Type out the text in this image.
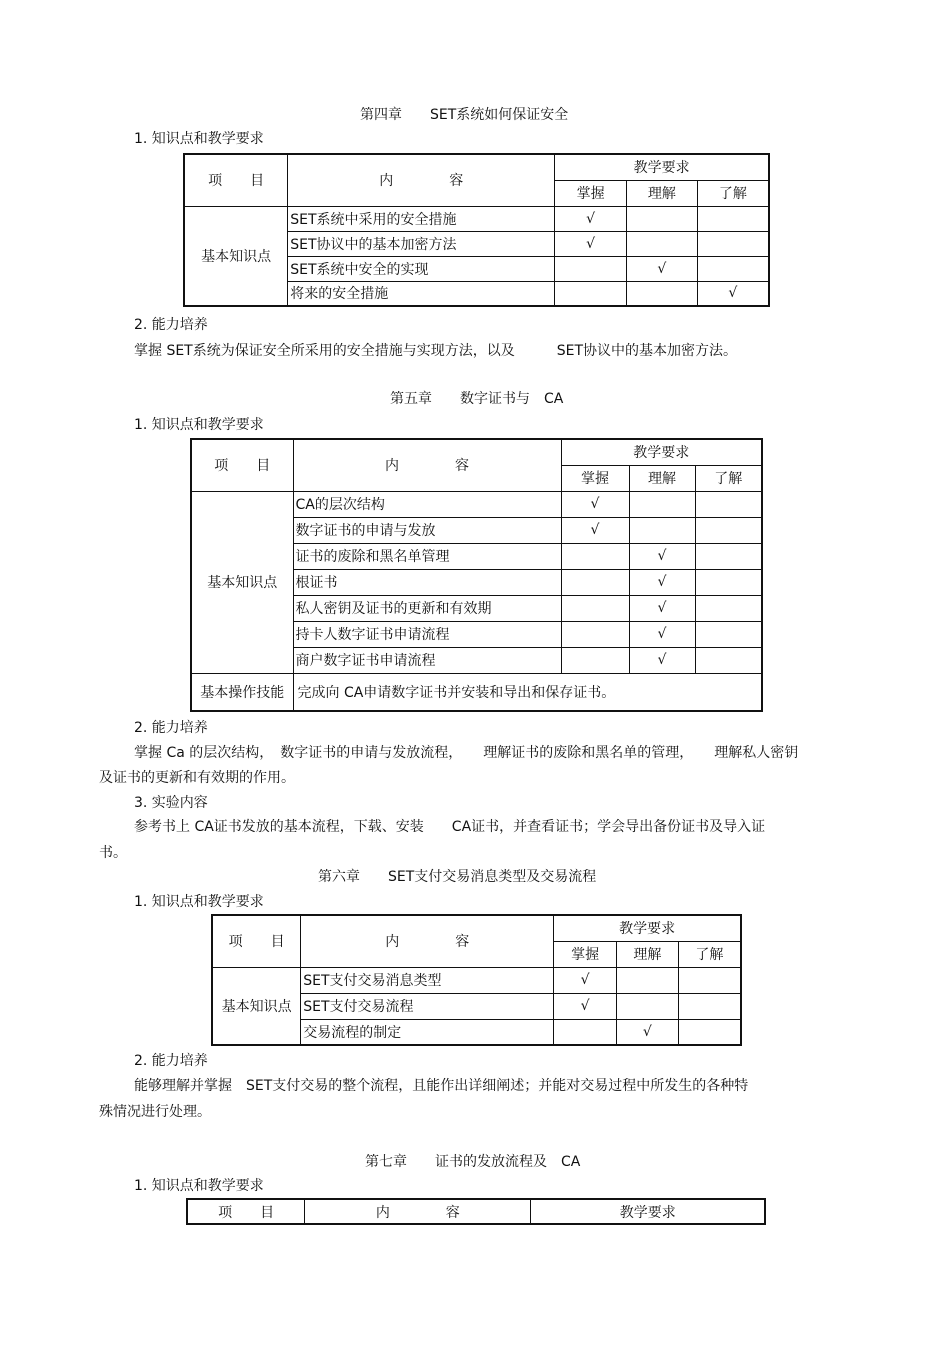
第四章　　SET系统如何保证安全
1. 知识点和教学要求
项　　目	内　　　　容	教学要求		
		掌握	理解	了解
基本知识点	SET系统中采用的安全措施	√		
	SET协议中的基本加密方法	√		
	SET系统中安全的实现		√	
	将来的安全措施			√
2. 能力培养
掌握 SET系统为保证安全所采用的安全措施与实现方法，以及　　　SET协议中的基本加密方法。
第五章　　数字证书与　CA
1. 知识点和教学要求
项　　目	内　　　　容	教学要求		
		掌握	理解	了解
基本知识点	CA的层次结构	√		
	数字证书的申请与发放	√		
	证书的废除和黑名单管理		√	
	根证书		√	
	私人密钥及证书的更新和有效期		√	
	持卡人数字证书申请流程		√	
	商户数字证书申请流程		√	
基本操作技能	完成向 CA申请数字证书并安装和导出和保存证书。			
2. 能力培养
掌握 Ca 的层次结构，　数字证书的申请与发放流程，　　理解证书的废除和黑名单的管理，　　理解私人密钥
及证书的更新和有效期的作用。
3. 实验内容
参考书上 CA证书发放的基本流程，下载、安装　　CA证书，并查看证书；学会导出备份证书及导入证
书。
第六章　　SET支付交易消息类型及交易流程
1. 知识点和教学要求
项　　目	内　　　　容	教学要求		
		掌握	理解	了解
基本知识点	SET支付交易消息类型	√		
	SET支付交易流程	√		
	交易流程的制定		√	
2. 能力培养
能够理解并掌握　SET支付交易的整个流程，且能作出详细阐述；并能对交易过程中所发生的各种特
殊情况进行处理。
第七章　　证书的发放流程及　CA
1. 知识点和教学要求
项　　目	内　　　　容	教学要求
